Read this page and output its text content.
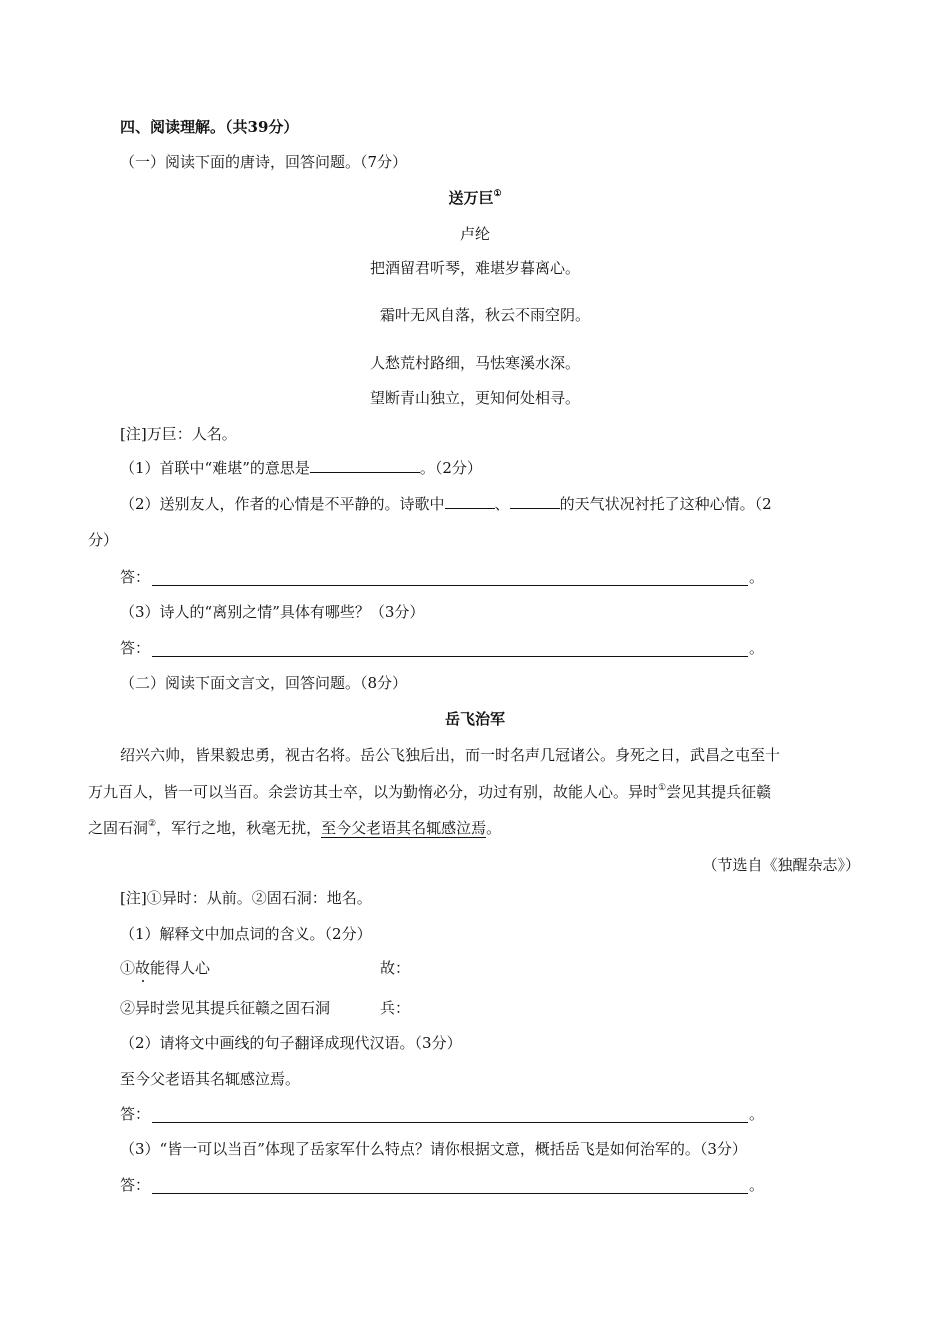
四、阅读理解。（共39分）
（一）阅读下面的唐诗，回答问题。（7分）
送万巨①
卢纶
把酒留君听琴，难堪岁暮离心。
霜叶无风自落，秋云不雨空阴。
人愁荒村路细，马怯寒溪水深。
望断青山独立，更知何处相寻。
[注]万巨：人名。
（1）首联中“难堪”的意思是	。（2分）
（2）送别友人，作者的心情是不平静的。诗歌中	、	的天气状况衬托了这种心情。（2
分）
答：	。
（3）诗人的“离别之情”具体有哪些？（3分）
答：	。
（二）阅读下面文言文，回答问题。（8分）
岳飞治军
绍兴六帅，皆果毅忠勇，视古名将。岳公飞独后出，而一时名声几冠诸公。身死之日，武昌之屯至十
万九百人，皆一可以当百。余尝访其士卒，以为勤惰必分，功过有别，故能人心。异时①尝见其提兵征赣
之固石洞②，军行之地，秋毫无扰，至今父老语其名辄感泣焉。
（节选自《独醒杂志》）
[注]①异时：从前。②固石洞：地名。
（1）解释文中加点词的含义。（2分）
①故能得人心	故：
②异时尝见其提兵征赣之固石洞	兵：
（2）请将文中画线的句子翻译成现代汉语。（3分）
至今父老语其名辄感泣焉。
答：	。
（3）“皆一可以当百”体现了岳家军什么特点？请你根据文意，概括岳飞是如何治军的。（3分）
答：	。
